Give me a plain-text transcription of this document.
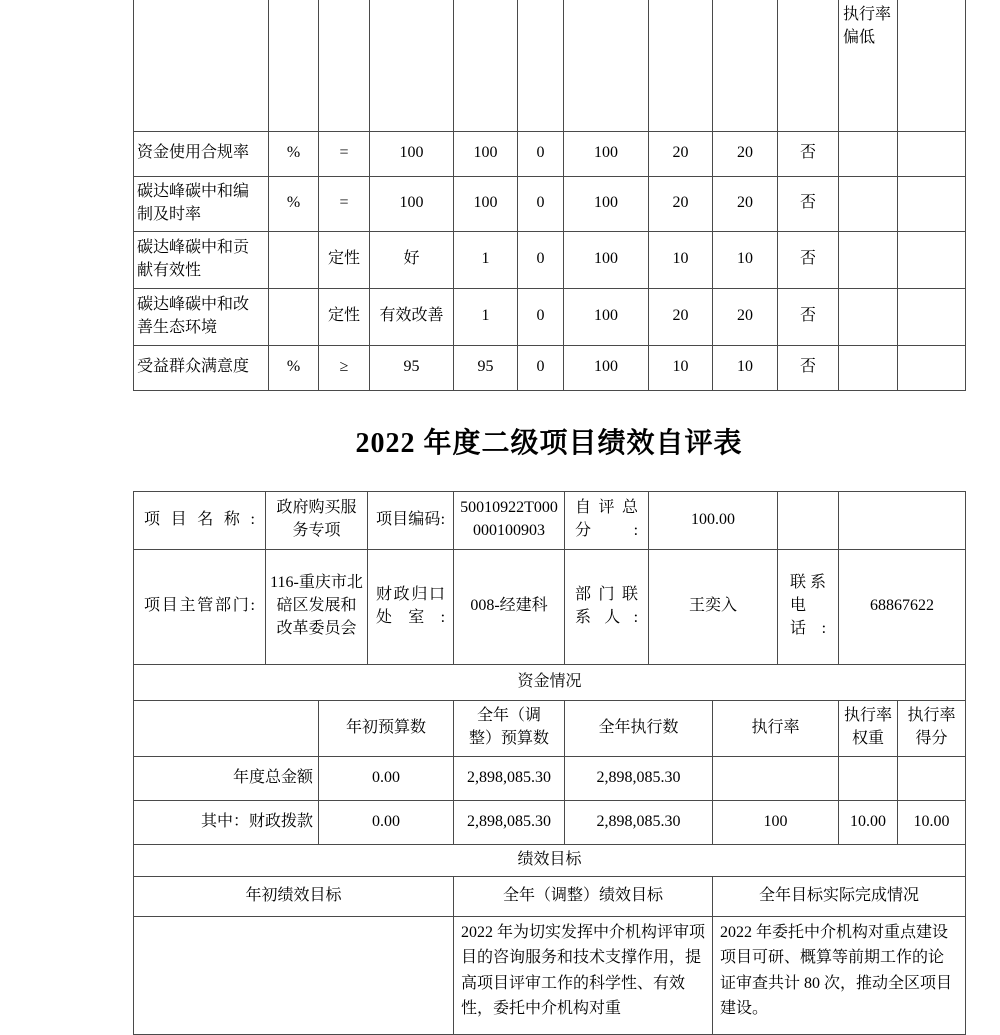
										执行率偏低	
资金使用合规率	%	=	100	100	0	100	20	20	否		
碳达峰碳中和编制及时率	%	=	100	100	0	100	20	20	否		
碳达峰碳中和贡献有效性		定性	好	1	0	100	10	10	否		
碳达峰碳中和改善生态环境		定性	有效改善	1	0	100	20	20	否		
受益群众满意度	%	≥	95	95	0	100	10	10	否		
2022 年度二级项目绩效自评表
项目名称:	政府购买服务专项		项目编码:	50010922T000000100903	自评总分:	100.00				
项目主管部门:	116-重庆市北碚区发展和改革委员会		财政归口处室:	008-经建科	部门联系人:	王奕入		联系电话:	68867622	
资金情况										
		年初预算数		全年（调整）预算数	全年执行数		执行率		执行率权重	执行率得分
年度总金额		0.00		2,898,085.30	2,898,085.30					
其中：财政拨款		0.00		2,898,085.30	2,898,085.30		100		10.00	10.00
绩效目标										
年初绩效目标				全年（调整）绩效目标			全年目标实际完成情况			
				2022 年为切实发挥中介机构评审项目的咨询服务和技术支撑作用，提高项目评审工作的科学性、有效性，委托中介机构对重			2022 年委托中介机构对重点建设项目可研、概算等前期工作的论证审查共计 80 次，推动全区项目建设。			
